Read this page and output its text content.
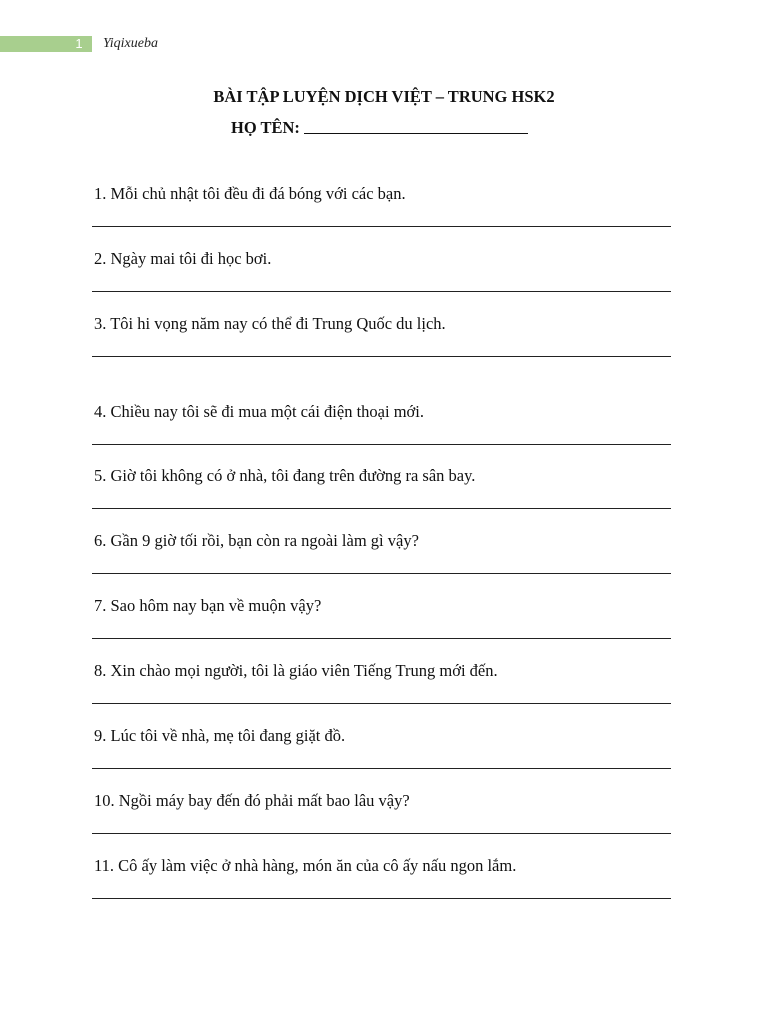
1 Yiqixueba
BÀI TẬP LUYỆN DỊCH VIỆT – TRUNG HSK2
HỌ TÊN:
1. Mỗi chủ nhật tôi đều đi đá bóng với các bạn.
2. Ngày mai tôi đi học bơi.
3. Tôi hi vọng năm nay có thể đi Trung Quốc du lịch.
4. Chiều nay tôi sẽ đi mua một cái điện thoại mới.
5. Giờ tôi không có ở nhà, tôi đang trên đường ra sân bay.
6. Gần 9 giờ tối rồi, bạn còn ra ngoài làm gì vậy?
7. Sao hôm nay bạn về muộn vậy?
8. Xin chào mọi người, tôi là giáo viên Tiếng Trung mới đến.
9. Lúc tôi về nhà, mẹ tôi đang giặt đồ.
10. Ngồi máy bay đến đó phải mất bao lâu vậy?
11. Cô ấy làm việc ở nhà hàng, món ăn của cô ấy nấu ngon lắm.
